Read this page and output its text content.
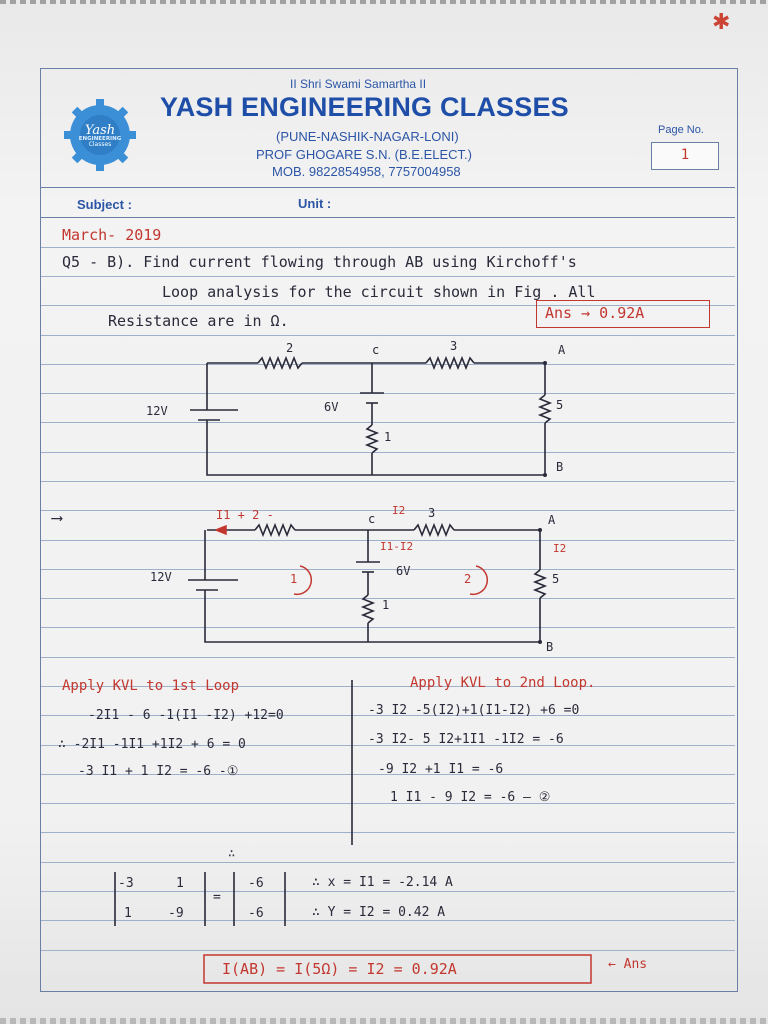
✱
Yash
Classes
ENGINEERING
II Shri Swami Samartha II
YASH ENGINEERING CLASSES
(PUNE-NASHIK-NAGAR-LONI)
PROF GHOGARE S.N. (B.E.ELECT.)
MOB. 9822854958, 7757004958
Page No.
1
Subject :	Unit :
March- 2019
Q5 - B). Find current flowing through AB using Kirchoff's
Loop analysis for the circuit shown in Fig . All
Resistance are in Ω.	Ans → 0.92A
2	c	3	A
12V	6V
1
5
B
⟶	I1 + 2 -	c
I2 3	A
I1-I2	I2
12V	6V
1	2
1
5
B
Apply KVL to 1st Loop
-2I1 - 6 -1(I1 -I2) +12=0
∴ -2I1 -1I1 +1I2 + 6 = 0
-3 I1 + 1 I2 = -6 -①
Apply KVL to 2nd Loop.
-3 I2 -5(I2)+1(I1-I2) +6 =0
-3 I2- 5 I2+1I1 -1I2 = -6
-9 I2 +1 I1 = -6
1 I1 - 9 I2 = -6 — ②
∴
-3	1
1	-9
=
-6
-6
∴ x = I1 = -2.14 A
∴ Y = I2 = 0.42 A
I(AB) = I(5Ω) = I2 = 0.92A	← Ans
